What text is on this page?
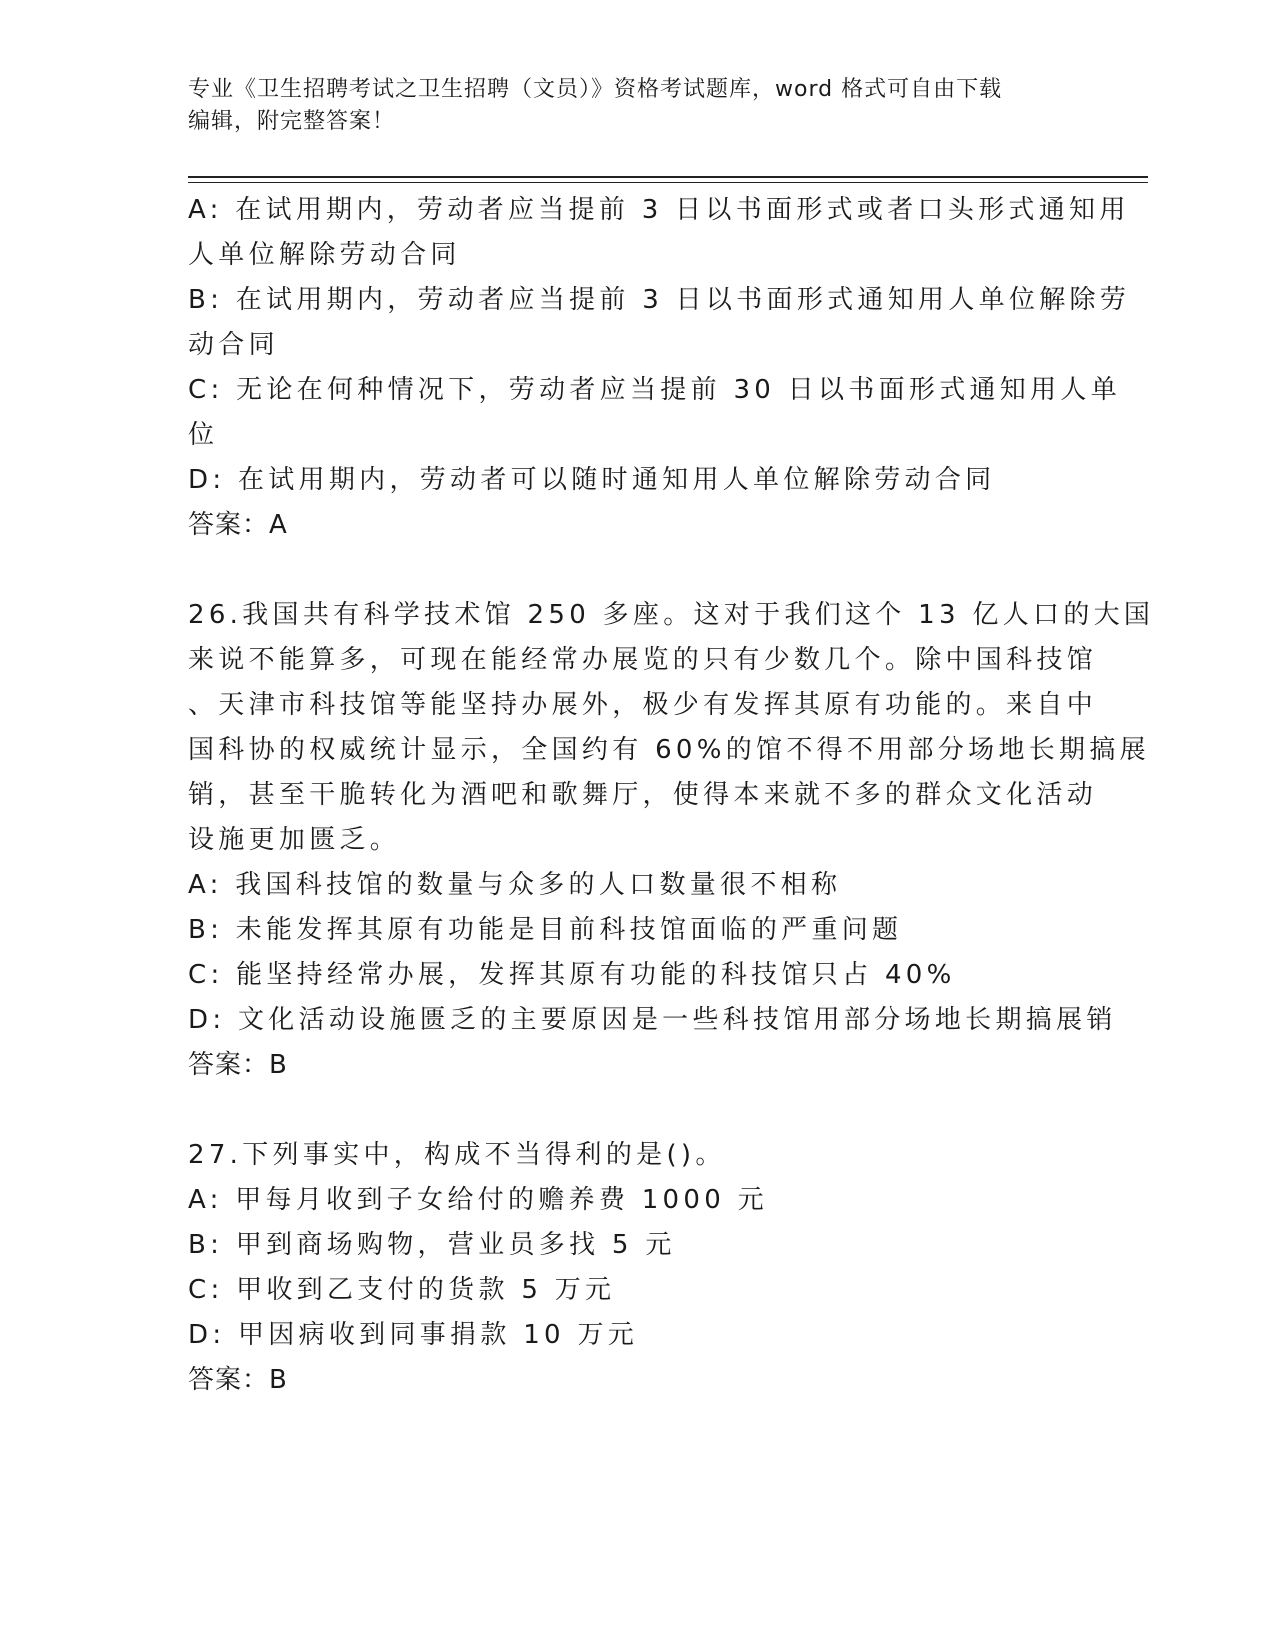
专业《卫生招聘考试之卫生招聘（文员）》资格考试题库，word 格式可自由下载
编辑，附完整答案！

A: 在试用期内，劳动者应当提前 3 日以书面形式或者口头形式通知用

人单位解除劳动合同

B: 在试用期内，劳动者应当提前 3 日以书面形式通知用人单位解除劳

动合同

C: 无论在何种情况下，劳动者应当提前 30 日以书面形式通知用人单

位

D: 在试用期内，劳动者可以随时通知用人单位解除劳动合同

答案：A

26.我国共有科学技术馆 250 多座。这对于我们这个 13 亿人口的大国

来说不能算多，可现在能经常办展览的只有少数几个。除中国科技馆

、天津市科技馆等能坚持办展外，极少有发挥其原有功能的。来自中

国科协的权威统计显示，全国约有 60%的馆不得不用部分场地长期搞展

销，甚至干脆转化为酒吧和歌舞厅，使得本来就不多的群众文化活动

设施更加匮乏。

A: 我国科技馆的数量与众多的人口数量很不相称

B: 未能发挥其原有功能是目前科技馆面临的严重问题

C: 能坚持经常办展，发挥其原有功能的科技馆只占 40%

D: 文化活动设施匮乏的主要原因是一些科技馆用部分场地长期搞展销

答案：B

27.下列事实中，构成不当得利的是()。

A: 甲每月收到子女给付的赡养费 1000 元

B: 甲到商场购物，营业员多找 5 元

C: 甲收到乙支付的货款 5 万元

D: 甲因病收到同事捐款 10 万元

答案：B
